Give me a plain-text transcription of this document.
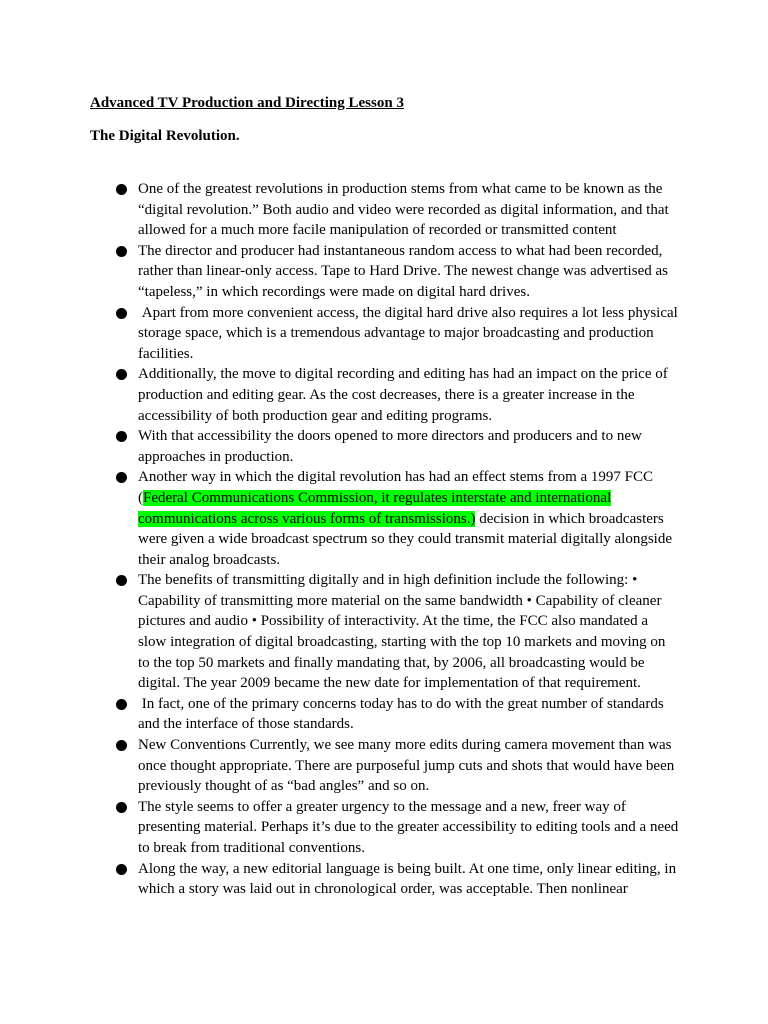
Advanced TV Production and Directing Lesson 3
The Digital Revolution.
One of the greatest revolutions in production stems from what came to be known as the “digital revolution.” Both audio and video were recorded as digital information, and that allowed for a much more facile manipulation of recorded or transmitted content
The director and producer had instantaneous random access to what had been recorded, rather than linear-only access. Tape to Hard Drive. The newest change was advertised as “tapeless,” in which recordings were made on digital hard drives.
Apart from more convenient access, the digital hard drive also requires a lot less physical storage space, which is a tremendous advantage to major broadcasting and production facilities.
Additionally, the move to digital recording and editing has had an impact on the price of production and editing gear. As the cost decreases, there is a greater increase in the accessibility of both production gear and editing programs.
With that accessibility the doors opened to more directors and producers and to new approaches in production.
Another way in which the digital revolution has had an effect stems from a 1997 FCC (Federal Communications Commission, it regulates interstate and international communications across various forms of transmissions.) decision in which broadcasters were given a wide broadcast spectrum so they could transmit material digitally alongside their analog broadcasts.
The benefits of transmitting digitally and in high definition include the following: • Capability of transmitting more material on the same bandwidth • Capability of cleaner pictures and audio • Possibility of interactivity. At the time, the FCC also mandated a slow integration of digital broadcasting, starting with the top 10 markets and moving on to the top 50 markets and finally mandating that, by 2006, all broadcasting would be digital. The year 2009 became the new date for implementation of that requirement.
In fact, one of the primary concerns today has to do with the great number of standards and the interface of those standards.
New Conventions Currently, we see many more edits during camera movement than was once thought appropriate. There are purposeful jump cuts and shots that would have been previously thought of as “bad angles” and so on.
The style seems to offer a greater urgency to the message and a new, freer way of presenting material. Perhaps it’s due to the greater accessibility to editing tools and a need to break from traditional conventions.
Along the way, a new editorial language is being built. At one time, only linear editing, in which a story was laid out in chronological order, was acceptable. Then nonlinear
